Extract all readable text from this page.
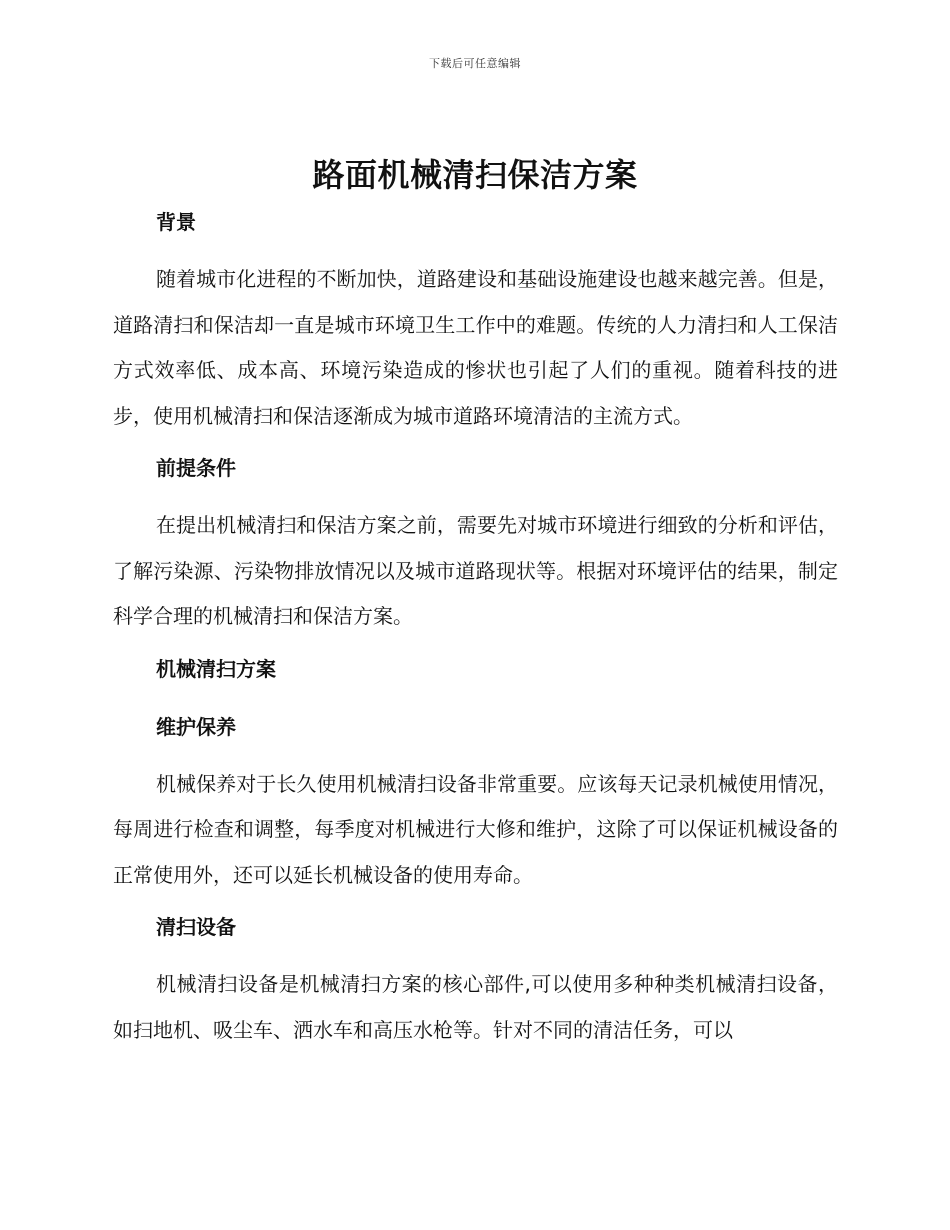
下载后可任意编辑
路面机械清扫保洁方案
背景

随着城市化进程的不断加快，道路建设和基础设施建设也越来越完善。但是，道路清扫和保洁却一直是城市环境卫生工作中的难题。传统的人力清扫和人工保洁方式效率低、成本高、环境污染造成的惨状也引起了人们的重视。随着科技的进步，使用机械清扫和保洁逐渐成为城市道路环境清洁的主流方式。

前提条件

在提出机械清扫和保洁方案之前，需要先对城市环境进行细致的分析和评估，了解污染源、污染物排放情况以及城市道路现状等。根据对环境评估的结果，制定科学合理的机械清扫和保洁方案。

机械清扫方案
维护保养

机械保养对于长久使用机械清扫设备非常重要。应该每天记录机械使用情况，每周进行检查和调整，每季度对机械进行大修和维护，这除了可以保证机械设备的正常使用外，还可以延长机械设备的使用寿命。

清扫设备

机械清扫设备是机械清扫方案的核心部件,可以使用多种种类机械清扫设备，如扫地机、吸尘车、洒水车和高压水枪等。针对不同的清洁任务，可以
